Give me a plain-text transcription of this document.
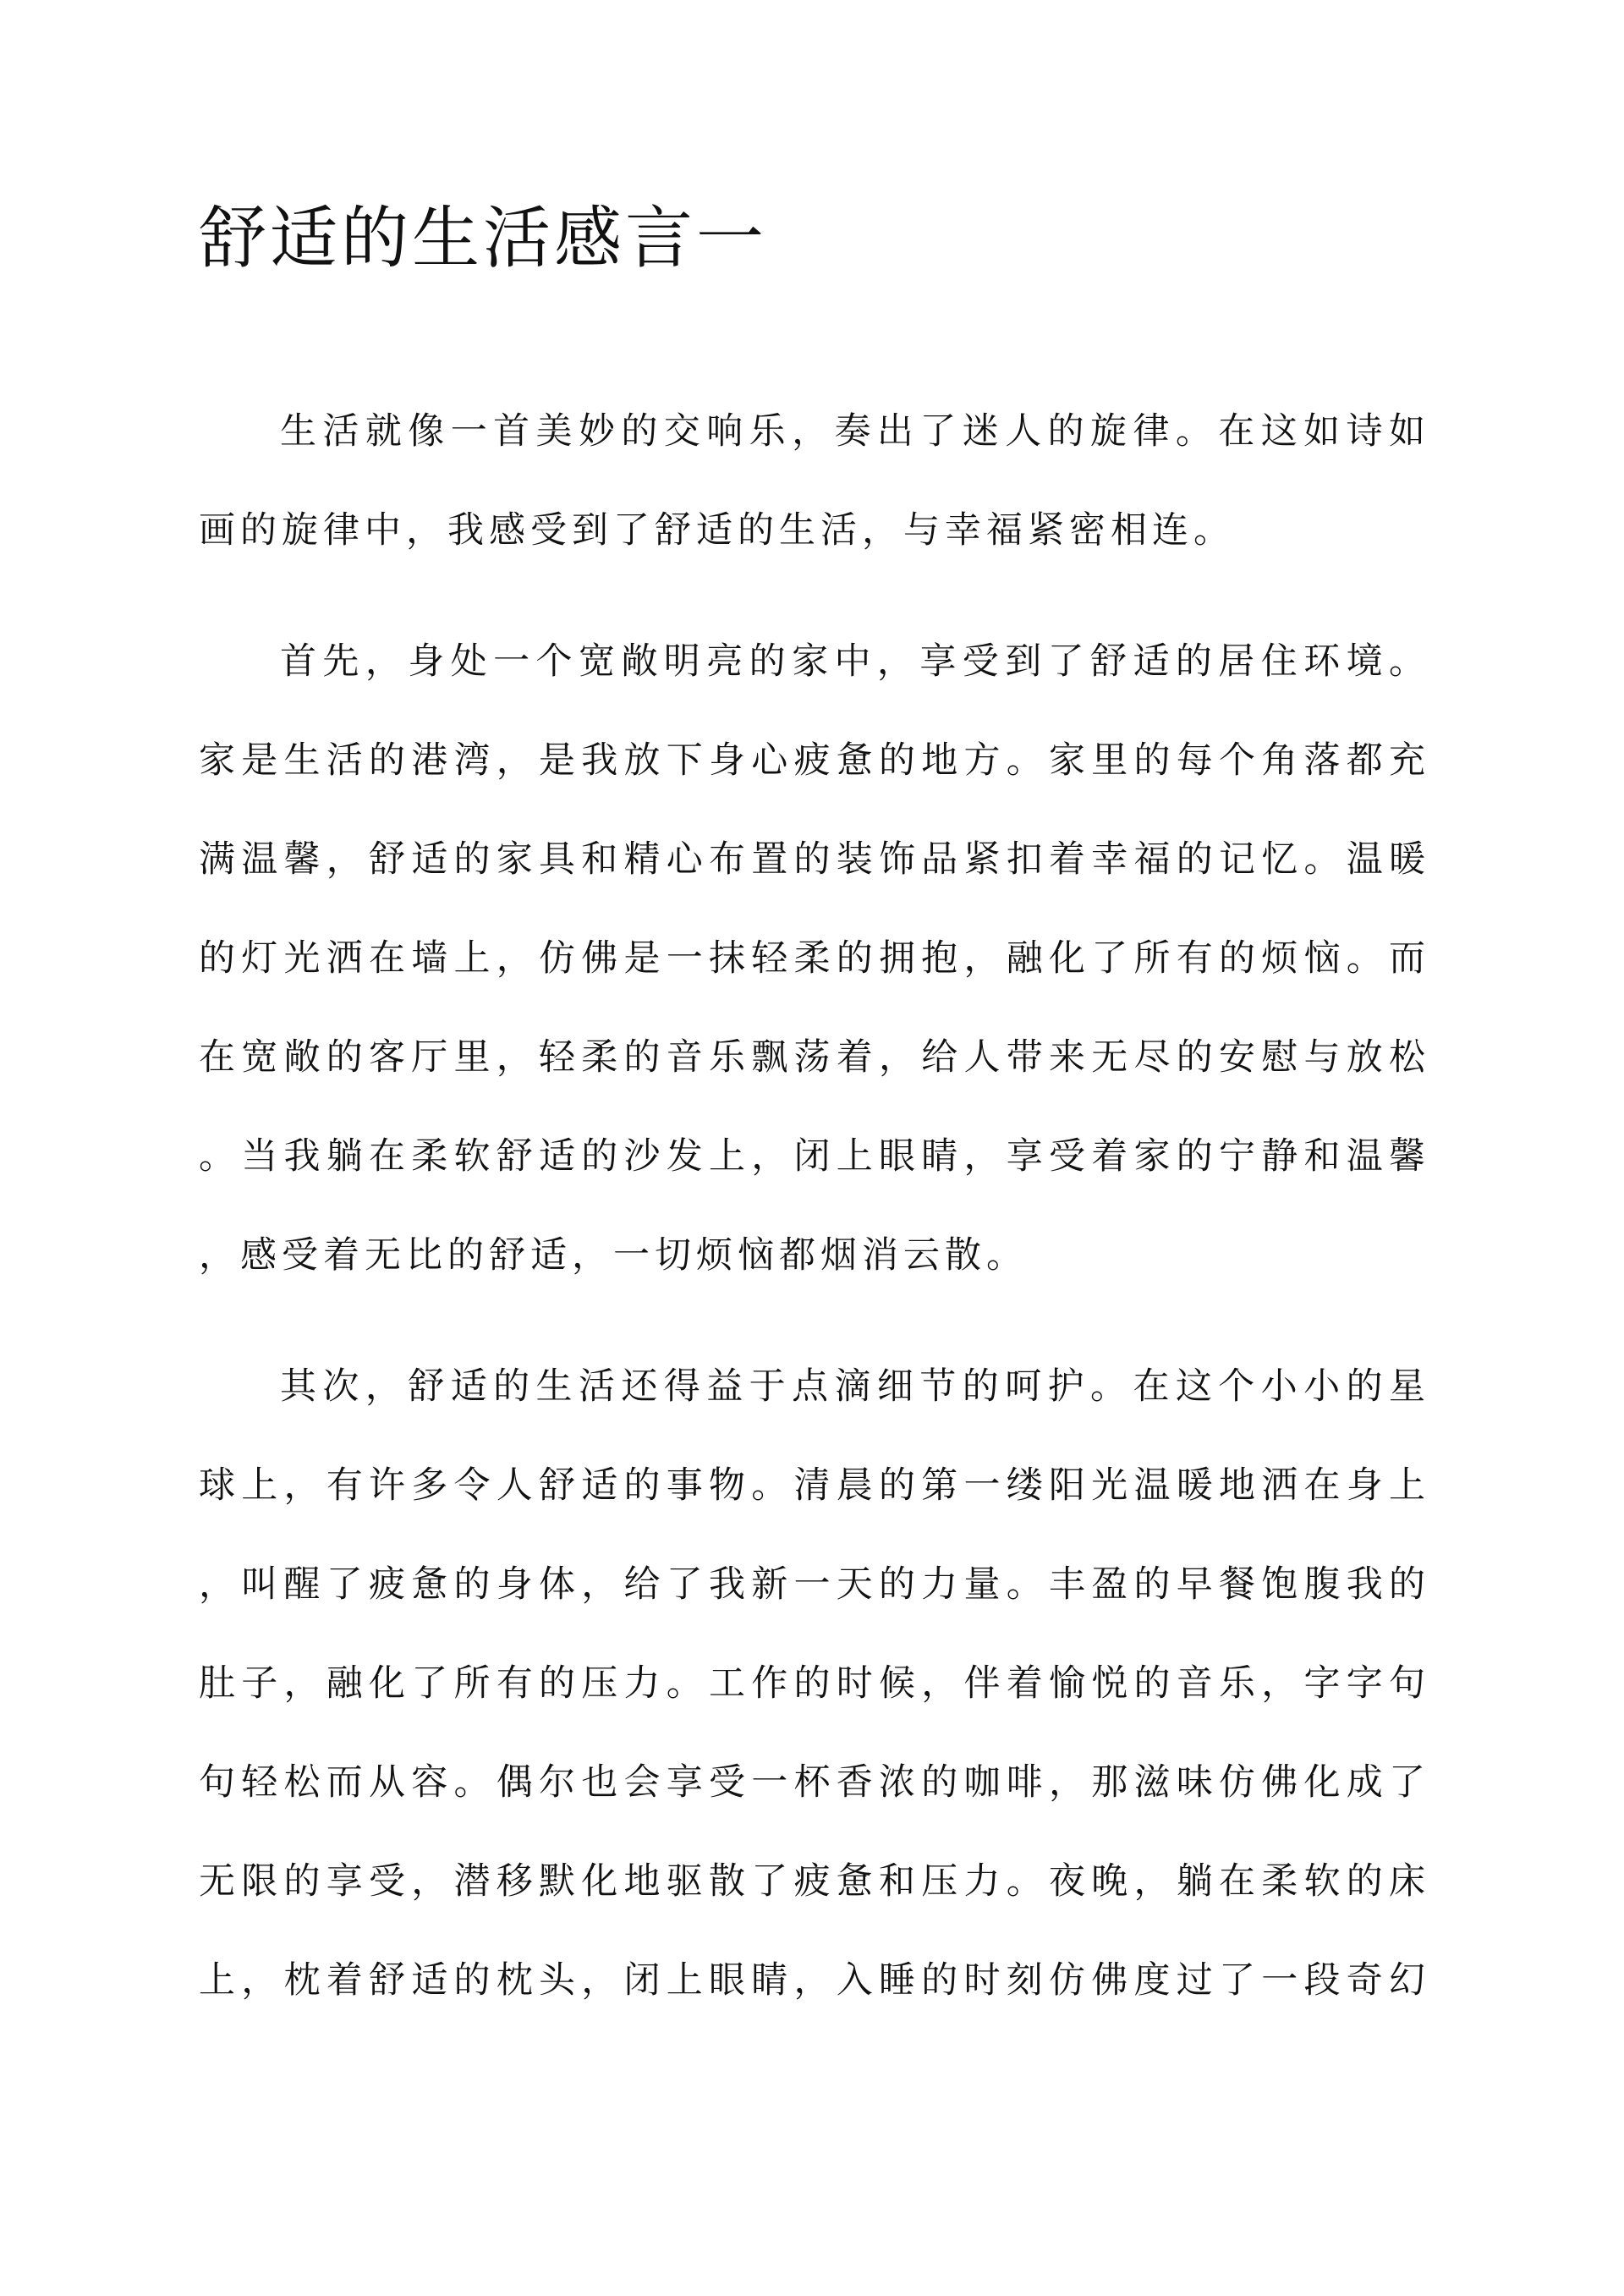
舒适的生活感言一

生活就像一首美妙的交响乐，奏出了迷人的旋律。在这如诗如
画的旋律中，我感受到了舒适的生活，与幸福紧密相连。

首先，身处一个宽敞明亮的家中，享受到了舒适的居住环境。
家是生活的港湾，是我放下身心疲惫的地方。家里的每个角落都充
满温馨，舒适的家具和精心布置的装饰品紧扣着幸福的记忆。温暖
的灯光洒在墙上，仿佛是一抹轻柔的拥抱，融化了所有的烦恼。而
在宽敞的客厅里，轻柔的音乐飘荡着，给人带来无尽的安慰与放松
。当我躺在柔软舒适的沙发上，闭上眼睛，享受着家的宁静和温馨
，感受着无比的舒适，一切烦恼都烟消云散。

其次，舒适的生活还得益于点滴细节的呵护。在这个小小的星
球上，有许多令人舒适的事物。清晨的第一缕阳光温暖地洒在身上
，叫醒了疲惫的身体，给了我新一天的力量。丰盈的早餐饱腹我的
肚子，融化了所有的压力。工作的时候，伴着愉悦的音乐，字字句
句轻松而从容。偶尔也会享受一杯香浓的咖啡，那滋味仿佛化成了
无限的享受，潜移默化地驱散了疲惫和压力。夜晚，躺在柔软的床
上，枕着舒适的枕头，闭上眼睛，入睡的时刻仿佛度过了一段奇幻
